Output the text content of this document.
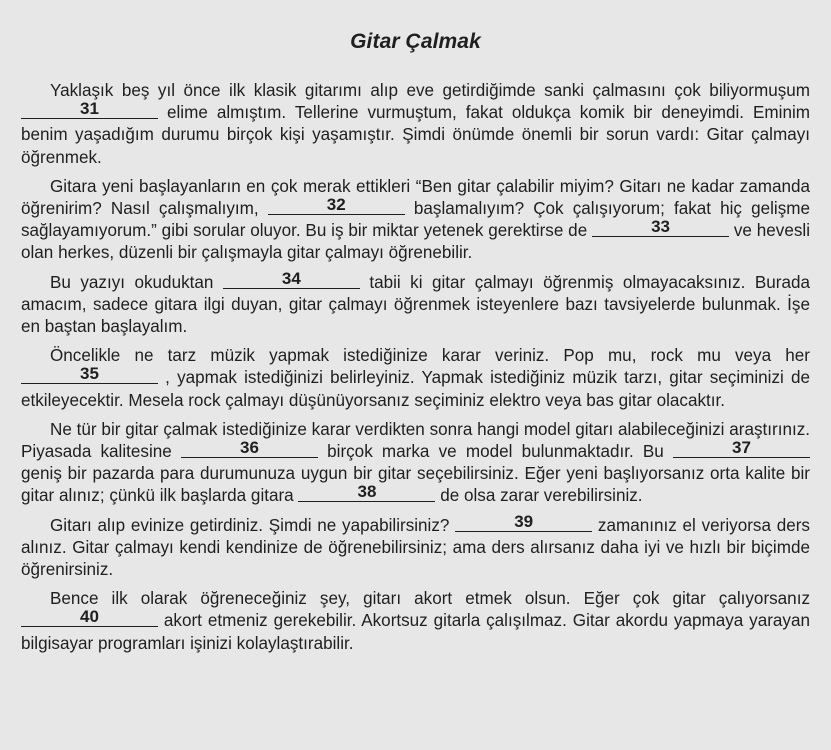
Gitar Çalmak

Yaklaşık beş yıl önce ilk klasik gitarımı alıp eve getirdiğimde sanki çalmasını çok biliyormuşum
31	elime almıştım. Tellerine vurmuştum, fakat oldukça komik bir deneyimdi. Eminim benim yaşadığım durumu birçok kişi yaşamıştır. Şimdi önümde önemli bir sorun vardı: Gitar çalmayı öğrenmek.

Gitara yeni başlayanların en çok merak ettikleri “Ben gitar çalabilir miyim? Gitarı ne kadar zamanda öğrenirim? Nasıl çalışmalıyım,	32	başlamalıyım? Çok çalışıyorum; fakat hiç gelişme sağlayamıyorum.” gibi sorular oluyor. Bu iş bir miktar yetenek gerektirse de	33	ve hevesli olan herkes, düzenli bir çalışmayla gitar çalmayı öğrenebilir.

Bu yazıyı okuduktan	34	tabii ki gitar çalmayı öğrenmiş olmayacaksınız. Burada amacım, sadece gitara ilgi duyan, gitar çalmayı öğrenmek isteyenlere bazı tavsiyelerde bulunmak. İşe en baştan başlayalım.

Öncelikle ne tarz müzik yapmak istediğinize karar veriniz. Pop mu, rock mu veya her
35	, yapmak istediğinizi belirleyiniz. Yapmak istediğiniz müzik tarzı, gitar seçiminizi de etkileyecektir. Mesela rock çalmayı düşünüyorsanız seçiminiz elektro veya bas gitar olacaktır.

Ne tür bir gitar çalmak istediğinize karar verdikten sonra hangi model gitarı alabileceğinizi araştırınız. Piyasada kalitesine	36	birçok marka ve model bulunmaktadır. Bu	37
geniş bir pazarda para durumunuza uygun bir gitar seçebilirsiniz. Eğer yeni başlıyorsanız orta kalite bir gitar alınız; çünkü ilk başlarda gitara	38	de olsa zarar verebilirsiniz.

Gitarı alıp evinize getirdiniz. Şimdi ne yapabilirsiniz?	39	zamanınız el veriyorsa ders alınız. Gitar çalmayı kendi kendinize de öğrenebilirsiniz; ama ders alırsanız daha iyi ve hızlı bir biçimde öğrenirsiniz.

Bence ilk olarak öğreneceğiniz şey, gitarı akort etmek olsun. Eğer çok gitar çalıyorsanız
40	akort etmeniz gerekebilir. Akortsuz gitarla çalışılmaz. Gitar akordu yapmaya yarayan bilgisayar programları işinizi kolaylaştırabilir.
